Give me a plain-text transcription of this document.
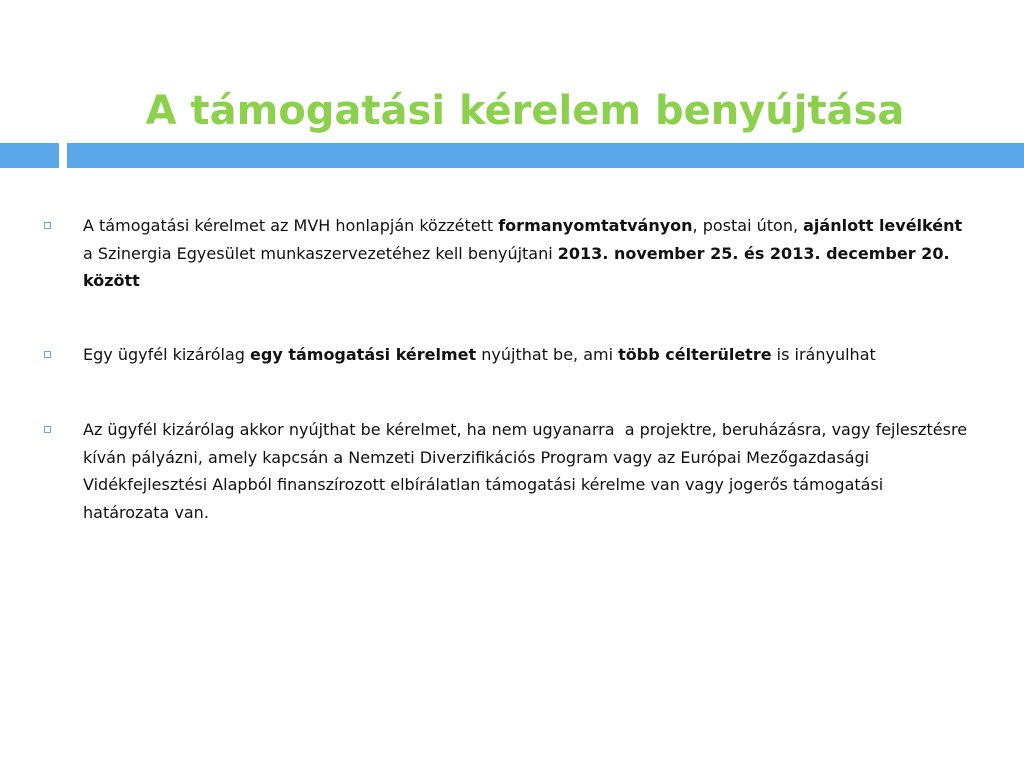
A támogatási kérelem benyújtása
A támogatási kérelmet az MVH honlapján közzétett formanyomtatványon, postai úton, ajánlott levélként a Szinergia Egyesület munkaszervezetéhez kell benyújtani 2013. november 25. és 2013. december 20. között
Egy ügyfél kizárólag egy támogatási kérelmet nyújthat be, ami több célterületre is irányulhat
Az ügyfél kizárólag akkor nyújthat be kérelmet, ha nem ugyanarra  a projektre, beruházásra, vagy fejlesztésre kíván pályázni, amely kapcsán a Nemzeti Diverzifikációs Program vagy az Európai Mezőgazdasági Vidékfejlesztési Alapból finanszírozott elbírálatlan támogatási kérelme van vagy jogerős támogatási határozata van.
